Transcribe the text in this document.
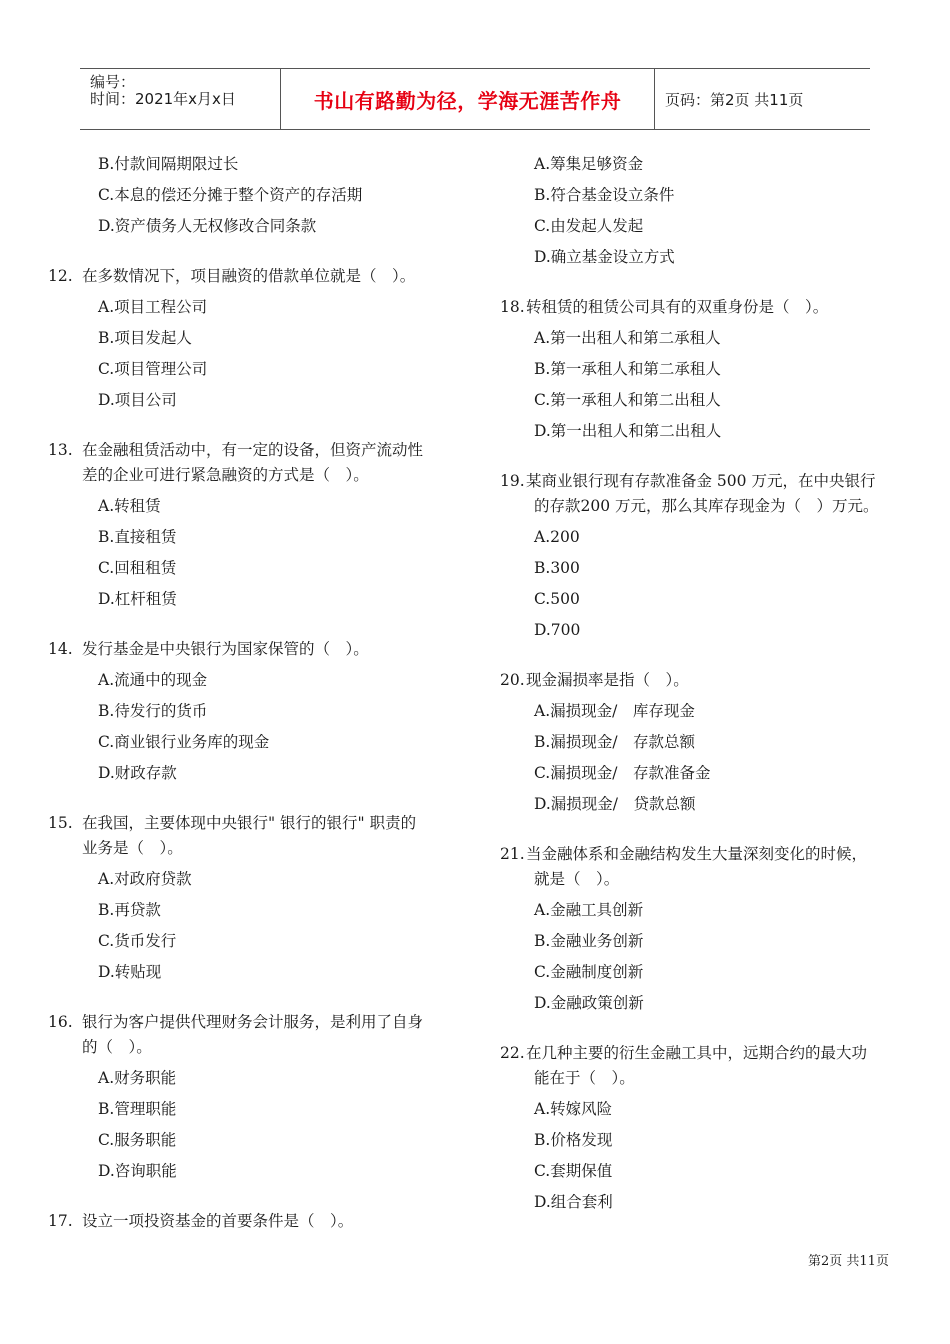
编号：
时间：2021年x月x日	书山有路勤为径，学海无涯苦作舟	页码：第2页 共11页
B.付款间隔期限过长
C.本息的偿还分摊于整个资产的存活期
D.资产债务人无权修改合同条款
12. 在多数情况下，项目融资的借款单位就是（　）。
A.项目工程公司
B.项目发起人
C.项目管理公司
D.项目公司
13. 在金融租赁活动中，有一定的设备，但资产流动性
差的企业可进行紧急融资的方式是（　）。
A.转租赁
B.直接租赁
C.回租租赁
D.杠杆租赁
14. 发行基金是中央银行为国家保管的（　）。
A.流通中的现金
B.待发行的货币
C.商业银行业务库的现金
D.财政存款
15. 在我国，主要体现中央银行" 银行的银行" 职责的
业务是（　）。
A.对政府贷款
B.再贷款
C.货币发行
D.转贴现
16. 银行为客户提供代理财务会计服务，是利用了自身
的（　）。
A.财务职能
B.管理职能
C.服务职能
D.咨询职能
17. 设立一项投资基金的首要条件是（　）。
A.筹集足够资金
B.符合基金设立条件
C.由发起人发起
D.确立基金设立方式
18. 转租赁的租赁公司具有的双重身份是（　）。
A.第一出租人和第二承租人
B.第一承租人和第二承租人
C.第一承租人和第二出租人
D.第一出租人和第二出租人
19. 某商业银行现有存款准备金 500 万元，在中央银行
的存款200 万元，那么其库存现金为（　）万元。
A.200
B.300
C.500
D.700
20. 现金漏损率是指（　）。
A.漏损现金/　库存现金
B.漏损现金/　存款总额
C.漏损现金/　存款准备金
D.漏损现金/　贷款总额
21. 当金融体系和金融结构发生大量深刻变化的时候，
就是（　）。
A.金融工具创新
B.金融业务创新
C.金融制度创新
D.金融政策创新
22. 在几种主要的衍生金融工具中，远期合约的最大功
能在于（　）。
A.转嫁风险
B.价格发现
C.套期保值
D.组合套利
第2页 共11页
